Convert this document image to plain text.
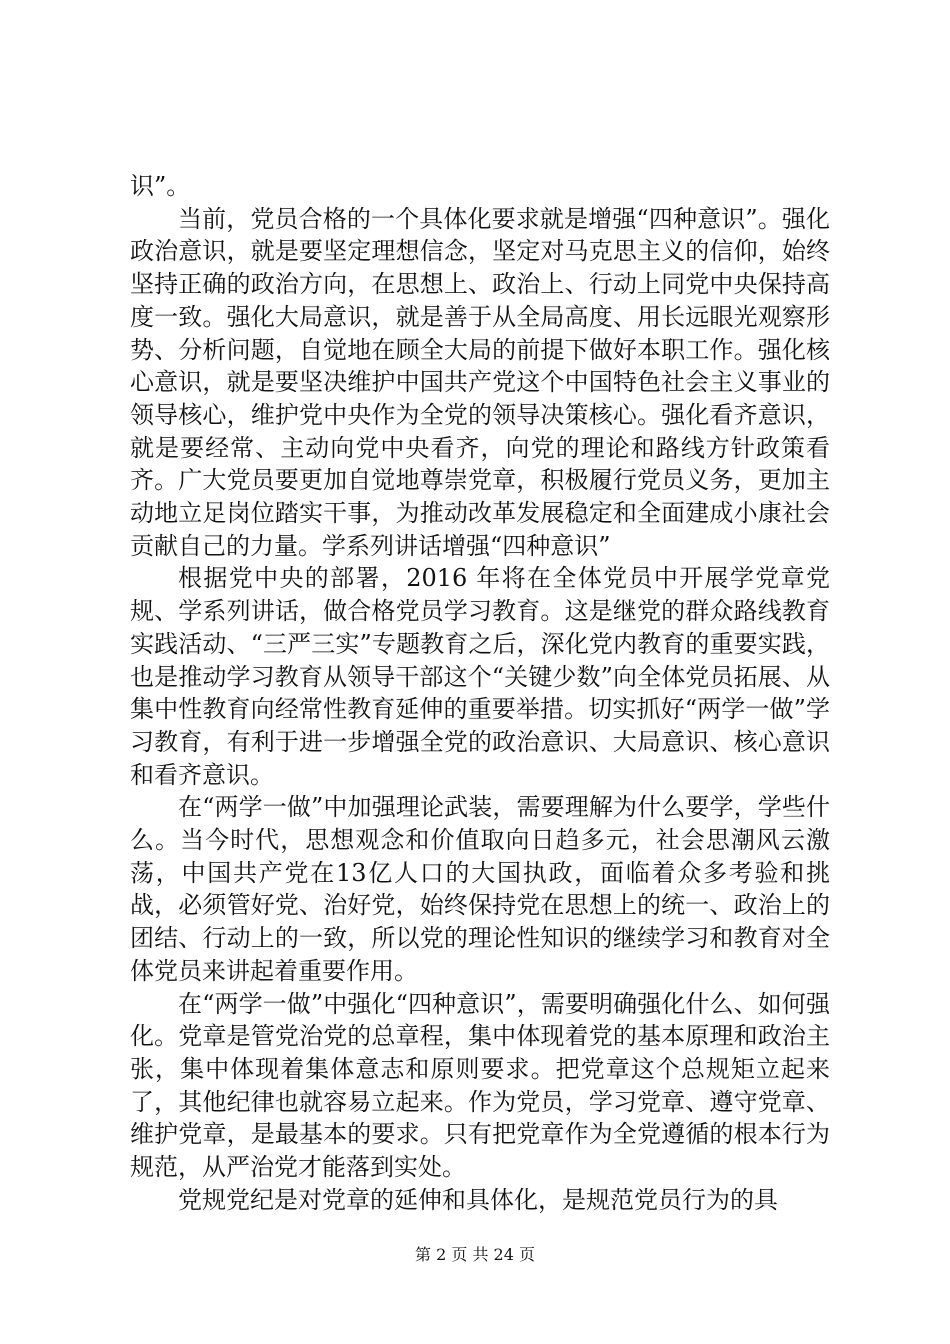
识”。

当前，党员合格的一个具体化要求就是增强“四种意识”。强化政治意识，就是要坚定理想信念，坚定对马克思主义的信仰，始终坚持正确的政治方向，在思想上、政治上、行动上同党中央保持高度一致。强化大局意识，就是善于从全局高度、用长远眼光观察形势、分析问题，自觉地在顾全大局的前提下做好本职工作。强化核心意识，就是要坚决维护中国共产党这个中国特色社会主义事业的领导核心，维护党中央作为全党的领导决策核心。强化看齐意识，就是要经常、主动向党中央看齐，向党的理论和路线方针政策看齐。广大党员要更加自觉地尊崇党章，积极履行党员义务，更加主动地立足岗位踏实干事，为推动改革发展稳定和全面建成小康社会贡献自己的力量。学系列讲话增强“四种意识”

根据党中央的部署，2016 年将在全体党员中开展学党章党规、学系列讲话，做合格党员学习教育。这是继党的群众路线教育实践活动、“三严三实”专题教育之后，深化党内教育的重要实践，也是推动学习教育从领导干部这个“关键少数”向全体党员拓展、从集中性教育向经常性教育延伸的重要举措。切实抓好“两学一做”学习教育，有利于进一步增强全党的政治意识、大局意识、核心意识和看齐意识。

在“两学一做”中加强理论武装，需要理解为什么要学，学些什么。当今时代，思想观念和价值取向日趋多元，社会思潮风云激荡，中国共产党在13亿人口的大国执政，面临着众多考验和挑战，必须管好党、治好党，始终保持党在思想上的统一、政治上的团结、行动上的一致，所以党的理论性知识的继续学习和教育对全体党员来讲起着重要作用。

在“两学一做”中强化“四种意识”，需要明确强化什么、如何强化。党章是管党治党的总章程，集中体现着党的基本原理和政治主张，集中体现着集体意志和原则要求。把党章这个总规矩立起来了，其他纪律也就容易立起来。作为党员，学习党章、遵守党章、维护党章，是最基本的要求。只有把党章作为全党遵循的根本行为规范，从严治党才能落到实处。

党规党纪是对党章的延伸和具体化，是规范党员行为的具

第 2 页 共 24 页
